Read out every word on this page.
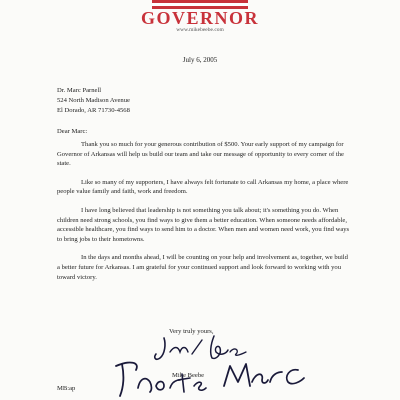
GOVERNOR
www.mikebeebe.com
July 6, 2005
Dr. Marc Parnell
524 North Madison Avenue
El Dorado, AR 71730-4568
Dear Marc:

Thank you so much for your generous contribution of $500. Your early support of my campaign for Governor of Arkansas will help us build our team and take our message of opportunity to every corner of the state.

Like so many of my supporters, I have always felt fortunate to call Arkansas my home, a place where people value family and faith, work and freedom.

I have long believed that leadership is not something you talk about; it's something you do. When children need strong schools, you find ways to give them a better education. When someone needs affordable, accessible healthcare, you find ways to send him to a doctor. When men and women need work, you find ways to bring jobs to their hometowns.

In the days and months ahead, I will be counting on your help and involvement as, together, we build a better future for Arkansas. I am grateful for your continued support and look forward to working with you toward victory.

Very truly yours,
Mike Beebe
MB:ap
